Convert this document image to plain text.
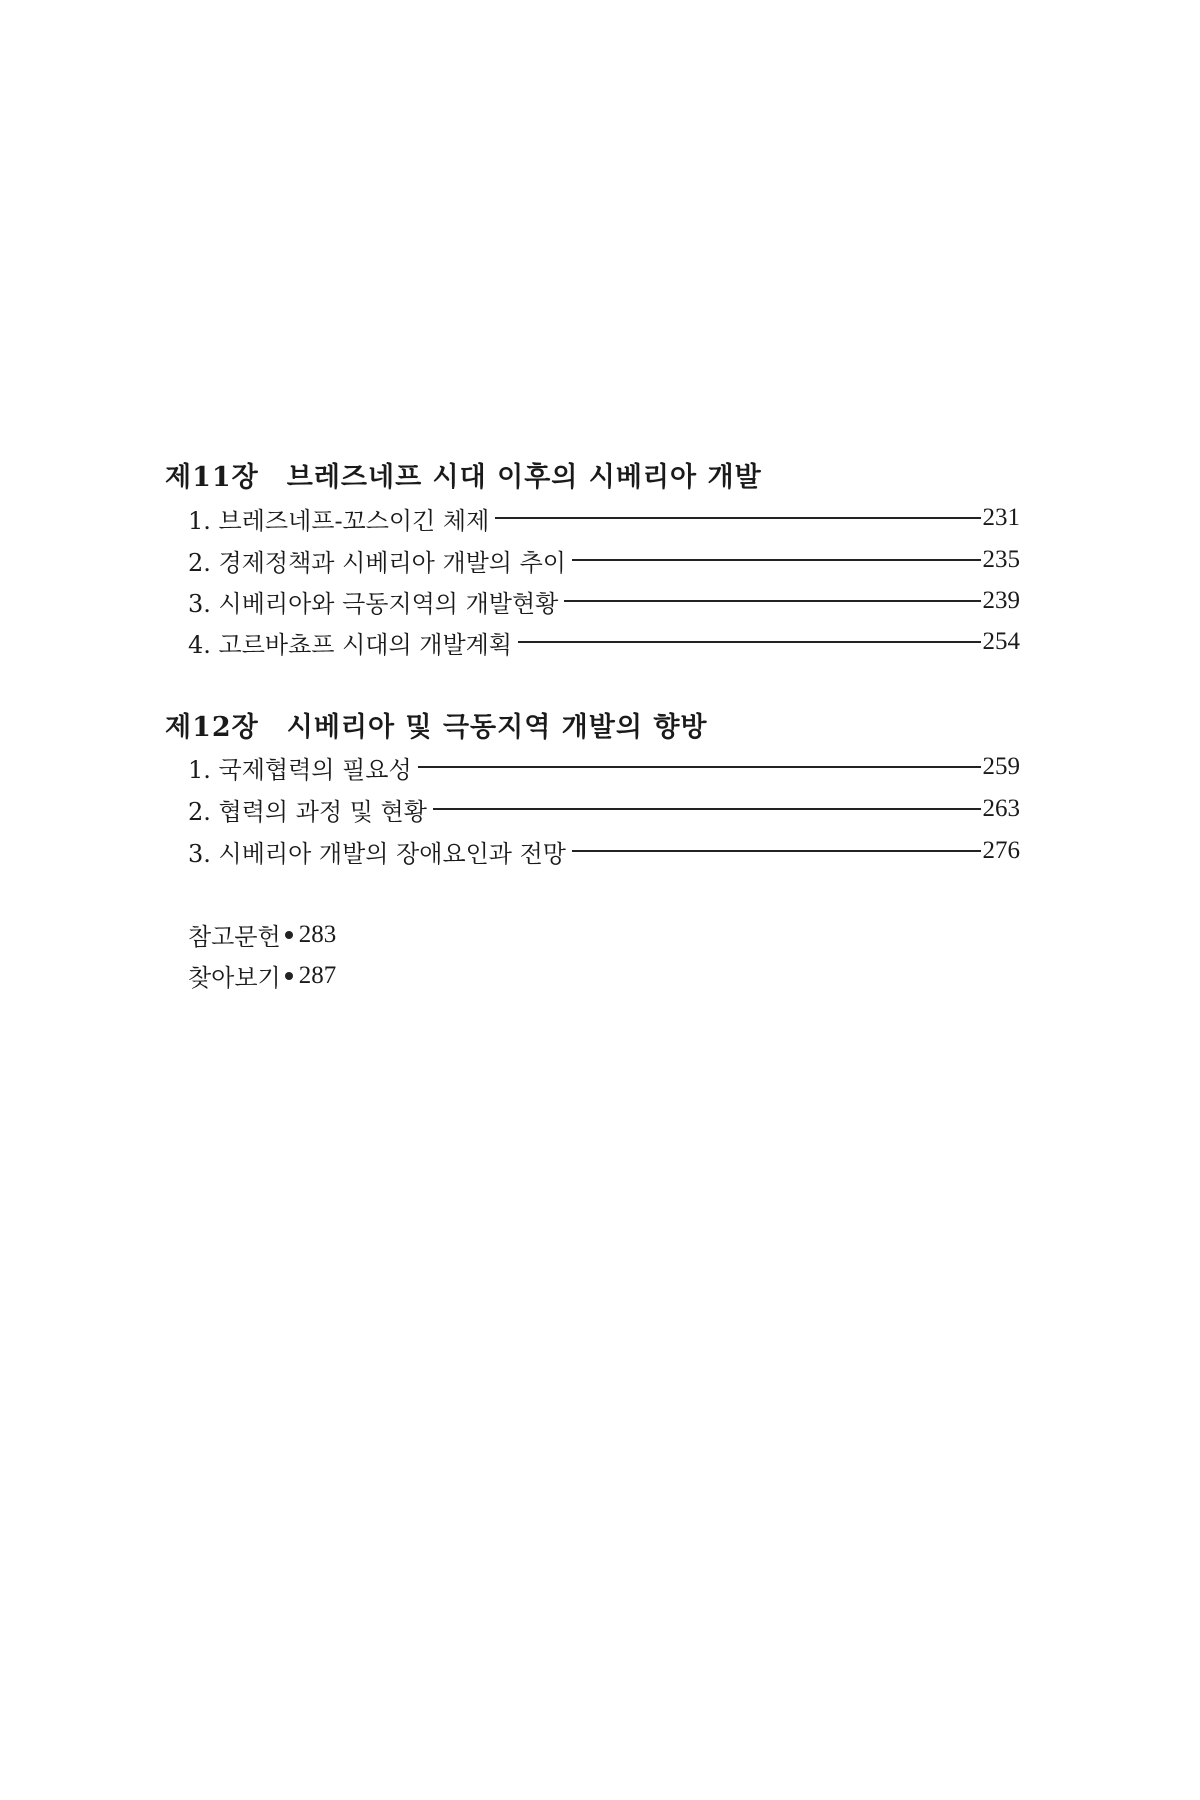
제11장 브레즈네프 시대 이후의 시베리아 개발
1. 브레즈네프-꼬스이긴 체제	231
2. 경제정책과 시베리아 개발의 추이	235
3. 시베리아와 극동지역의 개발현황	239
4. 고르바쵸프 시대의 개발계획	254
제12장 시베리아 및 극동지역 개발의 향방
1. 국제협력의 필요성	259
2. 협력의 과정 및 현황	263
3. 시베리아 개발의 장애요인과 전망	276
참고문헌 283
찾아보기 287
